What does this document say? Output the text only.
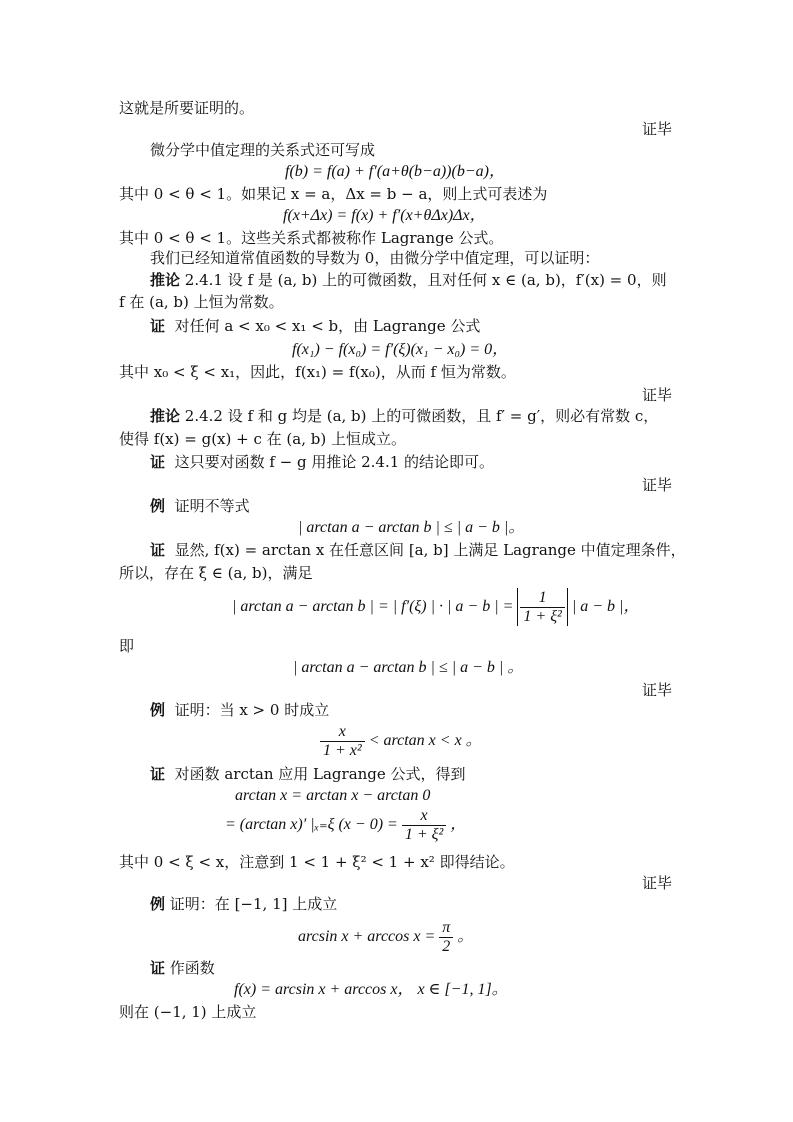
这就是所要证明的。
证毕
微分学中值定理的关系式还可写成
f(b) = f(a) + f′(a+θ(b−a))(b−a)，
其中 0 < θ < 1。如果记 x = a，Δx = b − a，则上式可表述为
f(x+Δx) = f(x) + f′(x+θΔx)Δx，
其中 0 < θ < 1。这些关系式都被称作 Lagrange 公式。
我们已经知道常值函数的导数为 0，由微分学中值定理，可以证明：
推论 2.4.1 设 f 是 (a, b) 上的可微函数，且对任何 x ∈ (a, b)，f′(x) = 0，则
f 在 (a, b) 上恒为常数。
证 对任何 a < x₀ < x₁ < b，由 Lagrange 公式
f(x₁) − f(x₀) = f′(ξ)(x₁ − x₀) = 0，
其中 x₀ < ξ < x₁，因此，f(x₁) = f(x₀)，从而 f 恒为常数。
证毕
推论 2.4.2 设 f 和 g 均是 (a, b) 上的可微函数，且 f′ = g′，则必有常数 c，
使得 f(x) = g(x) + c 在 (a, b) 上恒成立。
证 这只要对函数 f − g 用推论 2.4.1 的结论即可。
证毕
例 证明不等式
| arctan a − arctan b | ≤ | a − b |。
证 显然, f(x) = arctan x 在任意区间 [a, b] 上满足 Lagrange 中值定理条件，
所以，存在 ξ ∈ (a, b)，满足
| arctan a − arctan b | = | f′(ξ) | · | a − b | = $\frac{1}{\text{1 + ξ²}}$ | a − b |，
即
| arctan a − arctan b | ≤ | a − b | 。
证毕
例 证明：当 x > 0 时成立
$\frac{x}{\text{1 + x²}} < \arctan x < x$ 。
证 对函数 arctan 应用 Lagrange 公式，得到
arctan x = arctan x − arctan 0
= (arctan x)′ |ₓ₌ξ $(x - 0) = \frac{x}{\text{1 + ξ²}}$ ，
其中 0 < ξ < x，注意到 1 < 1 + ξ² < 1 + x² 即得结论。
证毕
例 证明：在 [−1, 1] 上成立
$\arcsin x + \arccos x = \frac{\pi}{2}$ 。
证 作函数
f(x) = arcsin x + arccos x， x ∈ [−1, 1]。
则在 (−1, 1) 上成立
